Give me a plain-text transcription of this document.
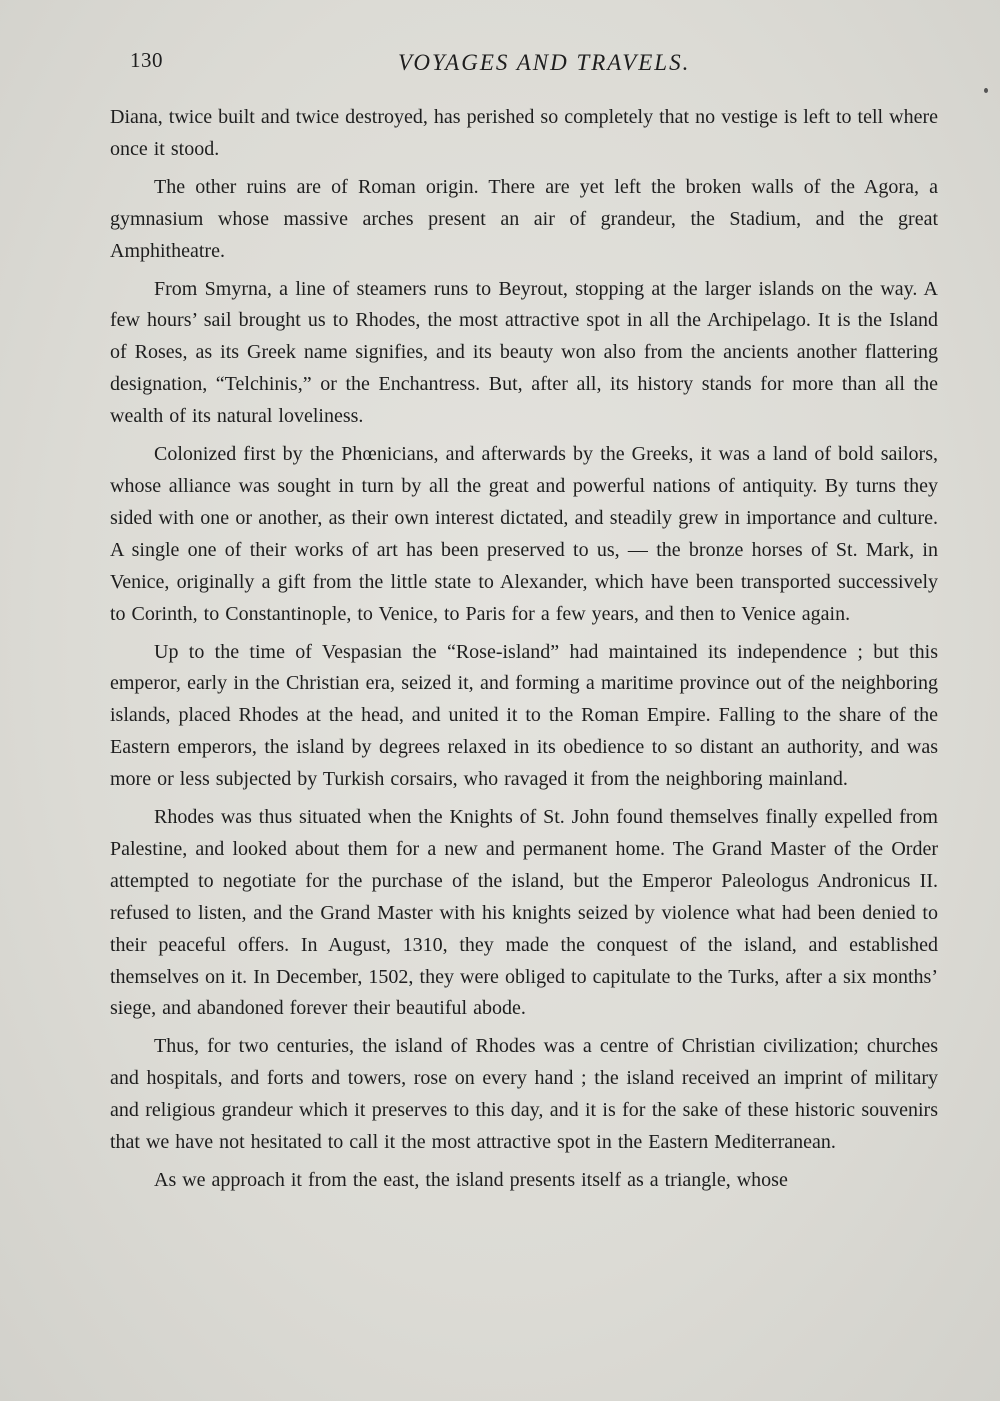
130	VOYAGES AND TRAVELS.

Diana, twice built and twice destroyed, has perished so completely that no vestige is left to tell where once it stood.

The other ruins are of Roman origin. There are yet left the broken walls of the Agora, a gymnasium whose massive arches present an air of grandeur, the Stadium, and the great Amphitheatre.

From Smyrna, a line of steamers runs to Beyrout, stopping at the larger islands on the way. A few hours’ sail brought us to Rhodes, the most attractive spot in all the Archipelago. It is the Island of Roses, as its Greek name signifies, and its beauty won also from the ancients another flattering designation, “Telchinis,” or the Enchantress. But, after all, its history stands for more than all the wealth of its natural loveliness.

Colonized first by the Phœnicians, and afterwards by the Greeks, it was a land of bold sailors, whose alliance was sought in turn by all the great and powerful nations of antiquity. By turns they sided with one or another, as their own interest dictated, and steadily grew in importance and culture. A single one of their works of art has been preserved to us, — the bronze horses of St. Mark, in Venice, originally a gift from the little state to Alexander, which have been transported successively to Corinth, to Constantinople, to Venice, to Paris for a few years, and then to Venice again.

Up to the time of Vespasian the “Rose-island” had maintained its independence ; but this emperor, early in the Christian era, seized it, and forming a maritime province out of the neighboring islands, placed Rhodes at the head, and united it to the Roman Empire. Falling to the share of the Eastern emperors, the island by degrees relaxed in its obedience to so distant an authority, and was more or less subjected by Turkish corsairs, who ravaged it from the neighboring mainland.

Rhodes was thus situated when the Knights of St. John found themselves finally expelled from Palestine, and looked about them for a new and permanent home. The Grand Master of the Order attempted to negotiate for the purchase of the island, but the Emperor Paleologus Andronicus II. refused to listen, and the Grand Master with his knights seized by violence what had been denied to their peaceful offers. In August, 1310, they made the conquest of the island, and established themselves on it. In December, 1502, they were obliged to capitulate to the Turks, after a six months’ siege, and abandoned forever their beautiful abode.

Thus, for two centuries, the island of Rhodes was a centre of Christian civilization; churches and hospitals, and forts and towers, rose on every hand ; the island received an imprint of military and religious grandeur which it preserves to this day, and it is for the sake of these historic souvenirs that we have not hesitated to call it the most attractive spot in the Eastern Mediterranean.

As we approach it from the east, the island presents itself as a triangle, whose
